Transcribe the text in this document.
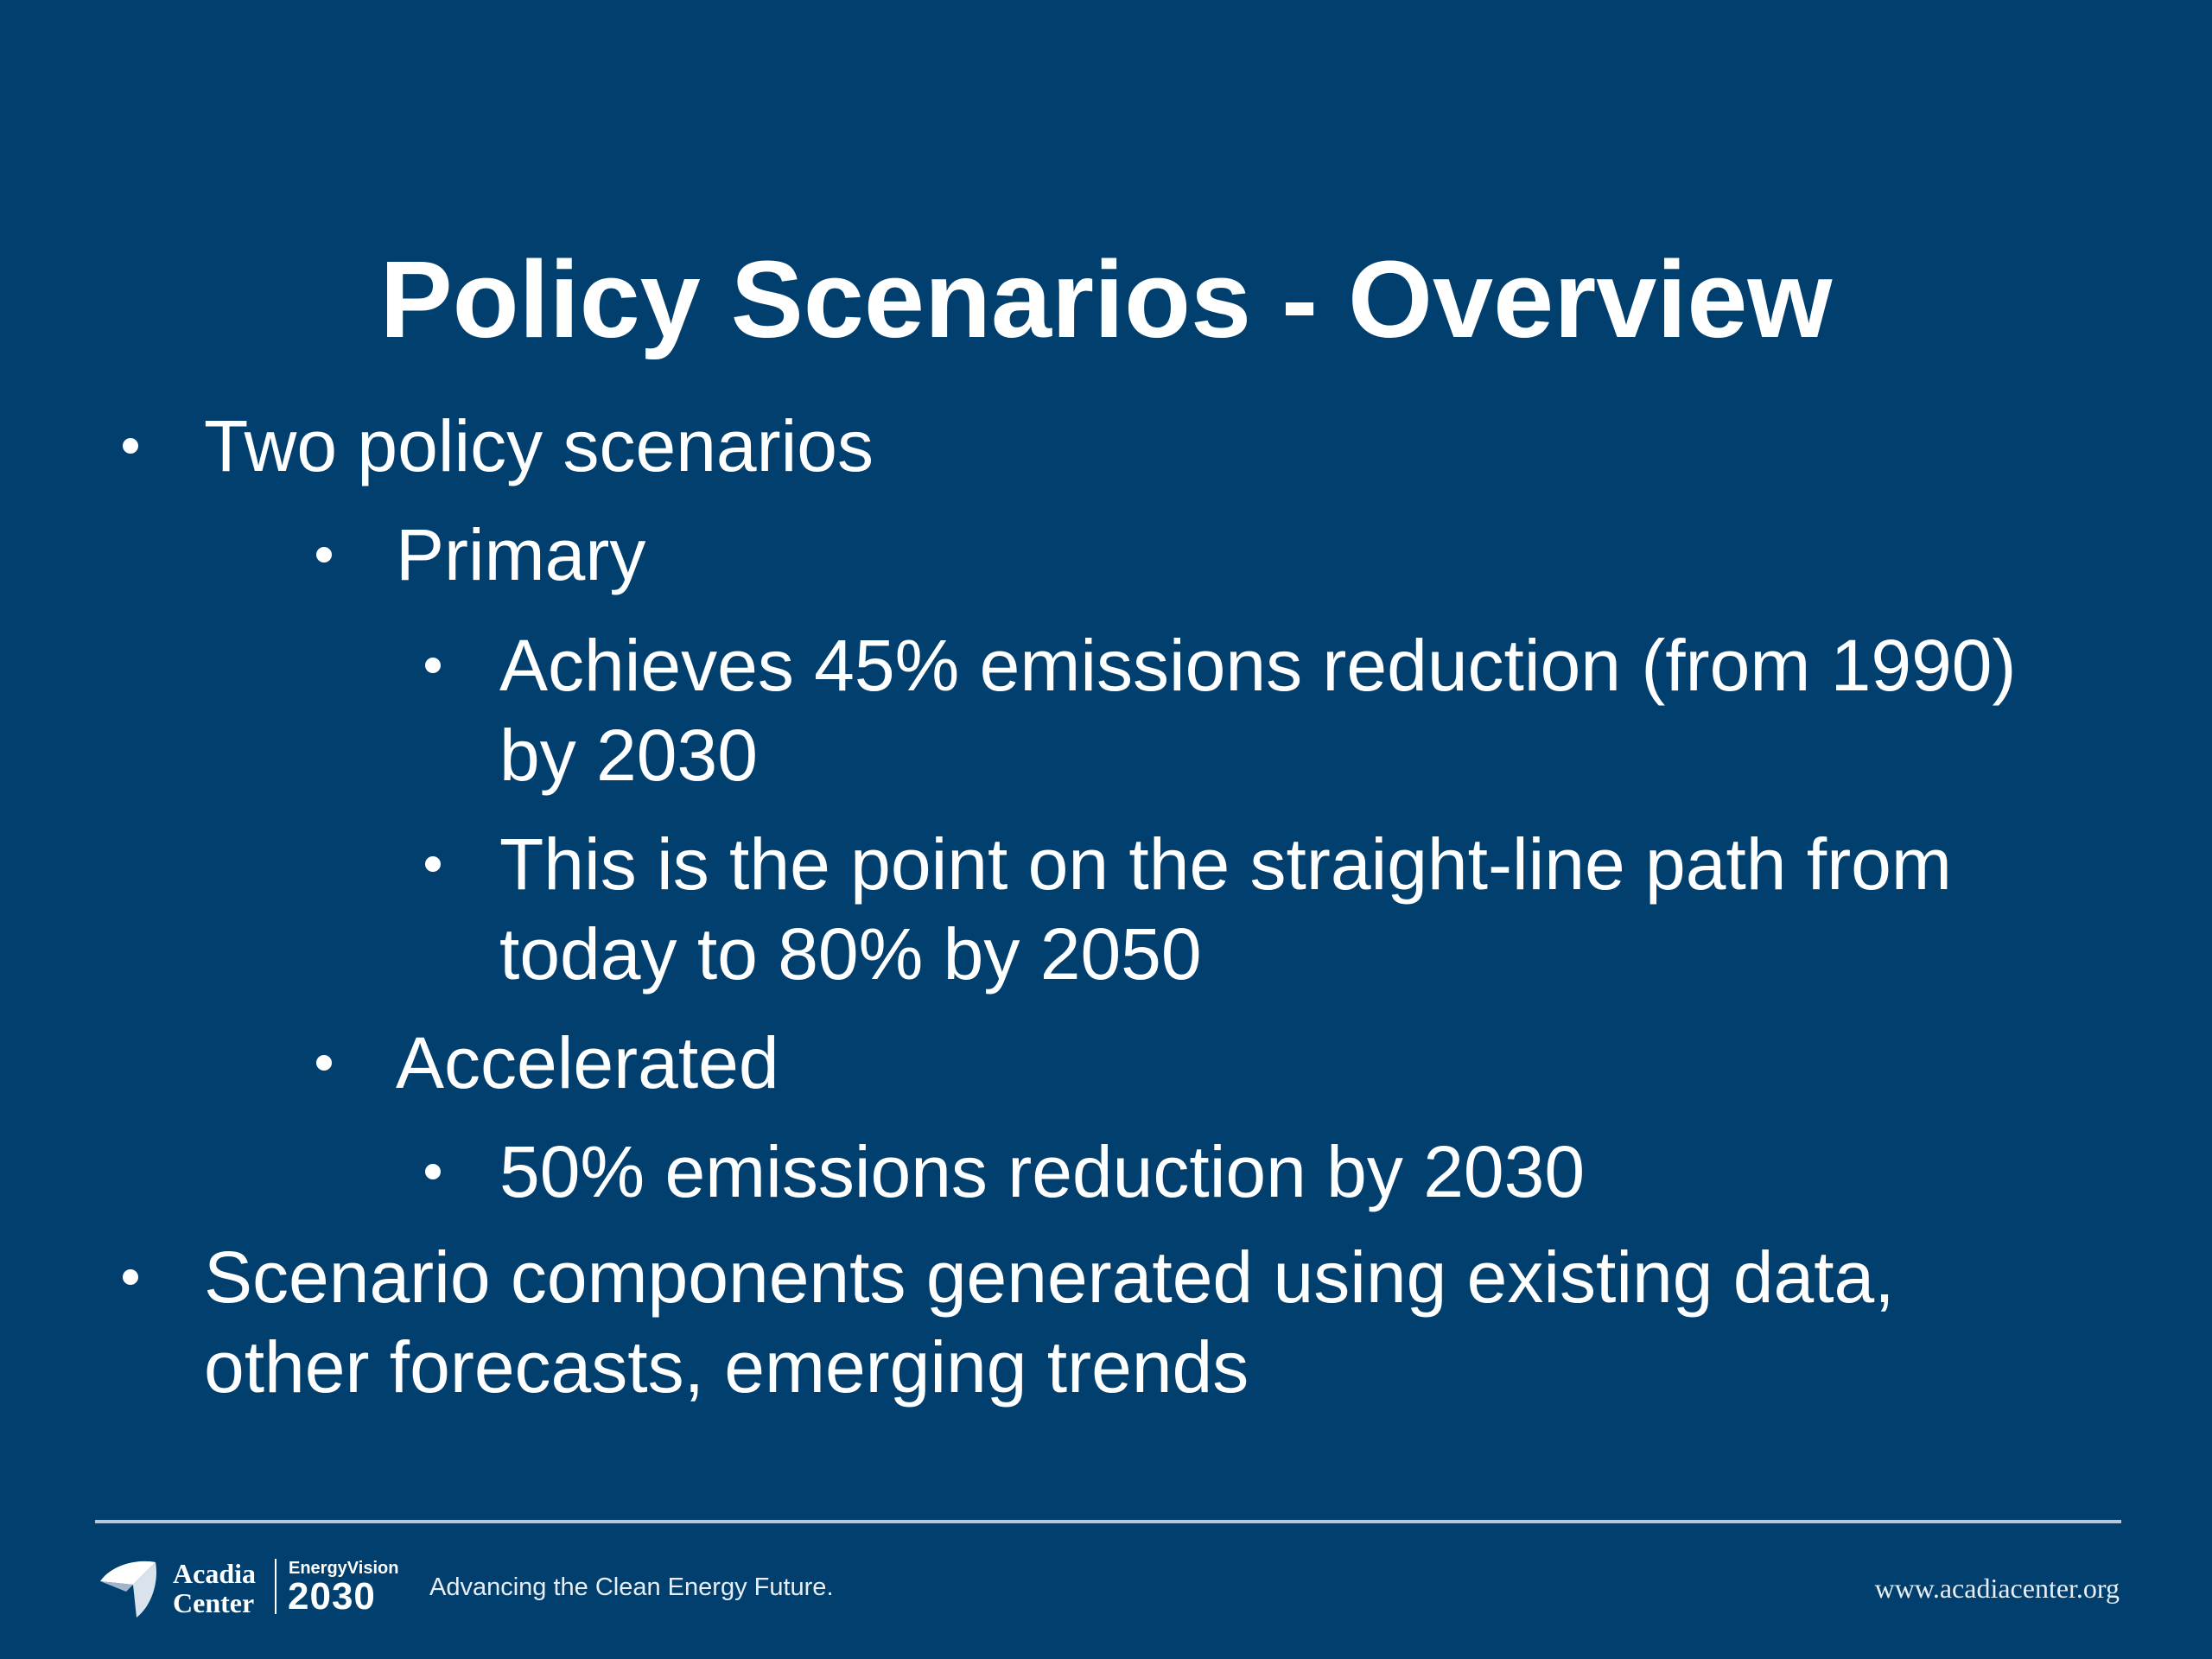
Policy Scenarios - Overview
Two policy scenarios
Primary
Achieves 45% emissions reduction (from 1990)
by 2030
This is the point on the straight-line path from
today to 80% by 2050
Accelerated
50% emissions reduction by 2030
Scenario components generated using existing data,
other forecasts, emerging trends
Acadia
Center
EnergyVision
2030 Advancing the Clean Energy Future.	www.acadiacenter.org
